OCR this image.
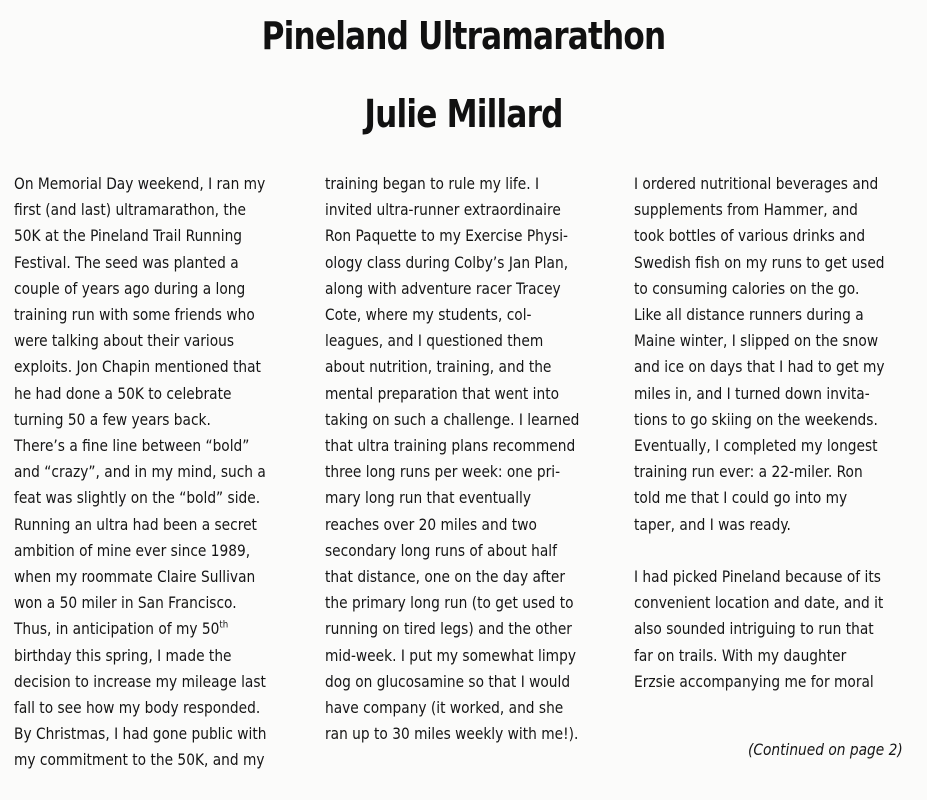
Pineland Ultramarathon
Julie Millard
On Memorial Day weekend, I ran my
first (and last) ultramarathon, the
50K at the Pineland Trail Running
Festival. The seed was planted a
couple of years ago during a long
training run with some friends who
were talking about their various
exploits. Jon Chapin mentioned that
he had done a 50K to celebrate
turning 50 a few years back.
There’s a fine line between “bold”
and “crazy”, and in my mind, such a
feat was slightly on the “bold” side.
Running an ultra had been a secret
ambition of mine ever since 1989,
when my roommate Claire Sullivan
won a 50 miler in San Francisco.
Thus, in anticipation of my 50th
birthday this spring, I made the
decision to increase my mileage last
fall to see how my body responded.
By Christmas, I had gone public with
my commitment to the 50K, and my
training began to rule my life. I
invited ultra-runner extraordinaire
Ron Paquette to my Exercise Physi-
ology class during Colby’s Jan Plan,
along with adventure racer Tracey
Cote, where my students, col-
leagues, and I questioned them
about nutrition, training, and the
mental preparation that went into
taking on such a challenge. I learned
that ultra training plans recommend
three long runs per week: one pri-
mary long run that eventually
reaches over 20 miles and two
secondary long runs of about half
that distance, one on the day after
the primary long run (to get used to
running on tired legs) and the other
mid-week. I put my somewhat limpy
dog on glucosamine so that I would
have company (it worked, and she
ran up to 30 miles weekly with me!).
I ordered nutritional beverages and
supplements from Hammer, and
took bottles of various drinks and
Swedish fish on my runs to get used
to consuming calories on the go.
Like all distance runners during a
Maine winter, I slipped on the snow
and ice on days that I had to get my
miles in, and I turned down invita-
tions to go skiing on the weekends.
Eventually, I completed my longest
training run ever: a 22-miler. Ron
told me that I could go into my
taper, and I was ready.
I had picked Pineland because of its
convenient location and date, and it
also sounded intriguing to run that
far on trails. With my daughter
Erzsie accompanying me for moral
(Continued on page 2)
